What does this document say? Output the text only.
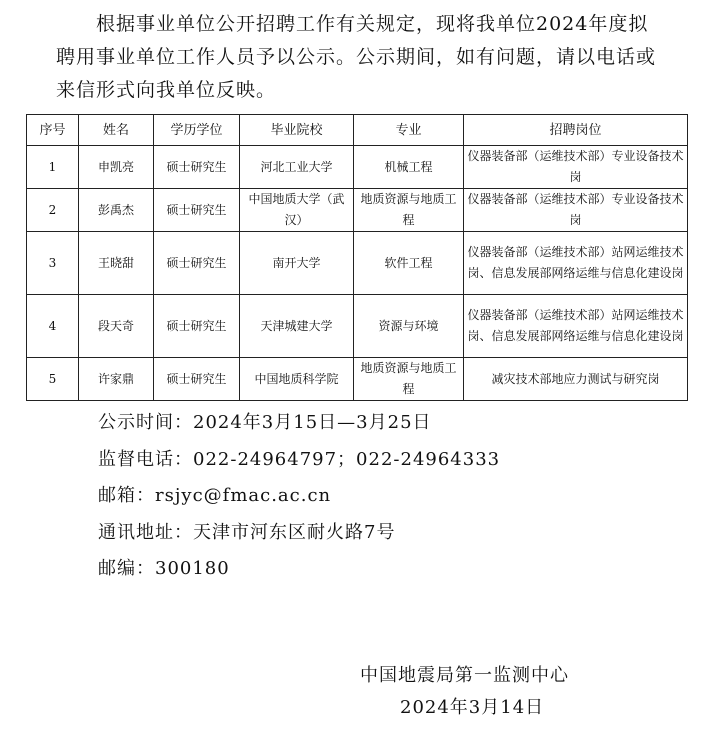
根据事业单位公开招聘工作有关规定，现将我单位2024年度拟聘用事业单位工作人员予以公示。公示期间，如有问题，请以电话或来信形式向我单位反映。

序号	姓名	学历学位	毕业院校	专业	招聘岗位
1	申凯亮	硕士研究生	河北工业大学	机械工程	仪器装备部（运维技术部）专业设备技术岗
2	彭禹杰	硕士研究生	中国地质大学（武汉）	地质资源与地质工程	仪器装备部（运维技术部）专业设备技术岗
3	王晓甜	硕士研究生	南开大学	软件工程	仪器装备部（运维技术部）站网运维技术岗、信息发展部网络运维与信息化建设岗
4	段天奇	硕士研究生	天津城建大学	资源与环境	仪器装备部（运维技术部）站网运维技术岗、信息发展部网络运维与信息化建设岗
5	许家鼎	硕士研究生	中国地质科学院	地质资源与地质工程	减灾技术部地应力测试与研究岗
公示时间：2024年3月15日—3月25日
监督电话：022-24964797；022-24964333
邮箱：rsjyc@fmac.ac.cn
通讯地址：天津市河东区耐火路7号
邮编：300180
中国地震局第一监测中心
2024年3月14日
